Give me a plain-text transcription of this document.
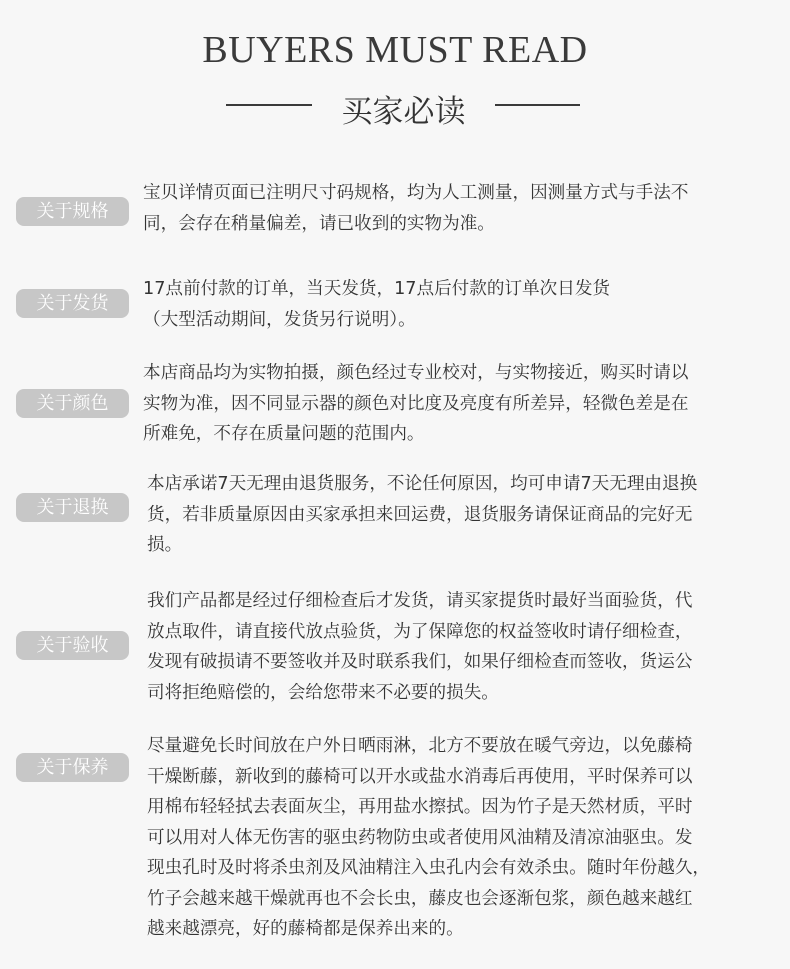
BUYERS MUST READ
买家必读
关于规格
宝贝详情页面已注明尺寸码规格，均为人工测量，因测量方式与手法不
同，会存在稍量偏差，请已收到的实物为准。
关于发货
17点前付款的订单，当天发货，17点后付款的订单次日发货
（大型活动期间，发货另行说明）。
关于颜色
本店商品均为实物拍摄，颜色经过专业校对，与实物接近，购买时请以
实物为准，因不同显示器的颜色对比度及亮度有所差异，轻微色差是在
所难免，不存在质量问题的范围内。
关于退换
本店承诺7天无理由退货服务，不论任何原因，均可申请7天无理由退换
货，若非质量原因由买家承担来回运费，退货服务请保证商品的完好无
损。
关于验收
我们产品都是经过仔细检查后才发货，请买家提货时最好当面验货，代
放点取件，请直接代放点验货，为了保障您的权益签收时请仔细检查，
发现有破损请不要签收并及时联系我们，如果仔细检查而签收，货运公
司将拒绝赔偿的，会给您带来不必要的损失。
关于保养
尽量避免长时间放在户外日晒雨淋，北方不要放在暖气旁边，以免藤椅
干燥断藤，新收到的藤椅可以开水或盐水消毒后再使用，平时保养可以
用棉布轻轻拭去表面灰尘，再用盐水擦拭。因为竹子是天然材质，平时
可以用对人体无伤害的驱虫药物防虫或者使用风油精及清凉油驱虫。发
现虫孔时及时将杀虫剂及风油精注入虫孔内会有效杀虫。随时年份越久，
竹子会越来越干燥就再也不会长虫，藤皮也会逐渐包浆，颜色越来越红
越来越漂亮，好的藤椅都是保养出来的。
